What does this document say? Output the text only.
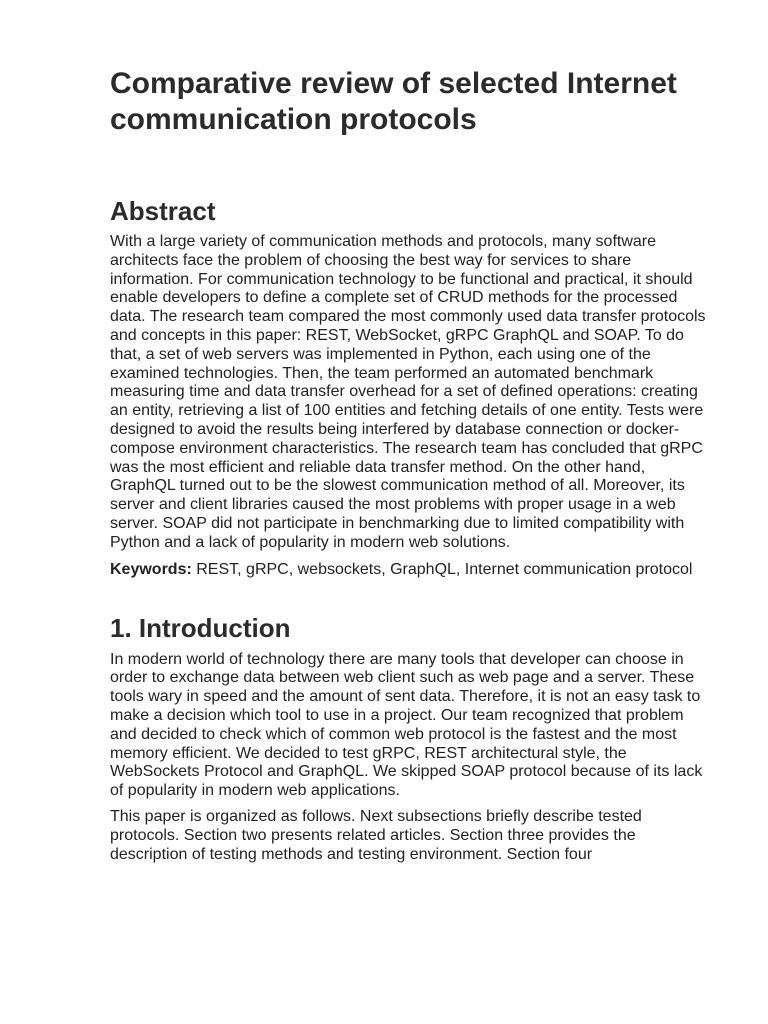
Comparative review of selected Internet communication protocols
Abstract

With a large variety of communication methods and protocols, many software architects face the problem of choosing the best way for services to share information. For communication technology to be functional and practical, it should enable developers to define a complete set of CRUD methods for the processed data. The research team compared the most commonly used data transfer protocols and concepts in this paper: REST, WebSocket, gRPC GraphQL and SOAP. To do that, a set of web servers was implemented in Python, each using one of the examined technologies. Then, the team performed an automated benchmark measuring time and data transfer overhead for a set of defined operations: creating an entity, retrieving a list of 100 entities and fetching details of one entity. Tests were designed to avoid the results being interfered by database connection or docker-compose environment characteristics. The research team has concluded that gRPC was the most efficient and reliable data transfer method. On the other hand, GraphQL turned out to be the slowest communication method of all. Moreover, its server and client libraries caused the most problems with proper usage in a web server. SOAP did not participate in benchmarking due to limited compatibility with Python and a lack of popularity in modern web solutions.

Keywords: REST, gRPC, websockets, GraphQL, Internet communication protocol

1. Introduction

In modern world of technology there are many tools that developer can choose in order to exchange data between web client such as web page and a server. These tools wary in speed and the amount of sent data. Therefore, it is not an easy task to make a decision which tool to use in a project. Our team recognized that problem and decided to check which of common web protocol is the fastest and the most memory efficient. We decided to test gRPC, REST architectural style, the WebSockets Protocol and GraphQL. We skipped SOAP protocol because of its lack of popularity in modern web applications.

This paper is organized as follows. Next subsections briefly describe tested protocols. Section two presents related articles. Section three provides the description of testing methods and testing environment. Section four
